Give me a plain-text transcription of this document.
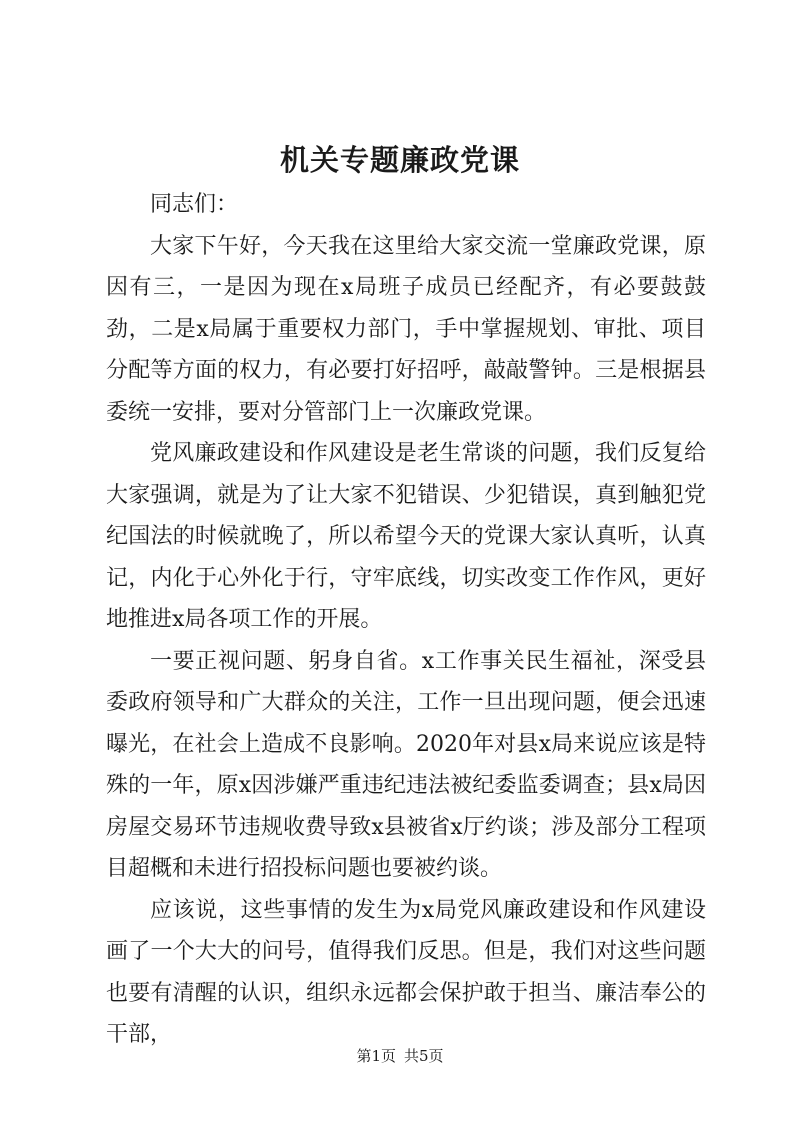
机关专题廉政党课

同志们：

大家下午好，今天我在这里给大家交流一堂廉政党课，原因有三，一是因为现在x局班子成员已经配齐，有必要鼓鼓劲，二是x局属于重要权力部门，手中掌握规划、审批、项目分配等方面的权力，有必要打好招呼，敲敲警钟。三是根据县委统一安排，要对分管部门上一次廉政党课。

党风廉政建设和作风建设是老生常谈的问题，我们反复给大家强调，就是为了让大家不犯错误、少犯错误，真到触犯党纪国法的时候就晚了，所以希望今天的党课大家认真听，认真记，内化于心外化于行，守牢底线，切实改变工作作风，更好地推进x局各项工作的开展。

一要正视问题、躬身自省。x工作事关民生福祉，深受县委政府领导和广大群众的关注，工作一旦出现问题，便会迅速曝光，在社会上造成不良影响。2020年对县x局来说应该是特殊的一年，原x因涉嫌严重违纪违法被纪委监委调查；县x局因房屋交易环节违规收费导致x县被省x厅约谈；涉及部分工程项目超概和未进行招投标问题也要被约谈。

应该说，这些事情的发生为x局党风廉政建设和作风建设画了一个大大的问号，值得我们反思。但是，我们对这些问题也要有清醒的认识，组织永远都会保护敢于担当、廉洁奉公的干部，

第1页 共5页
